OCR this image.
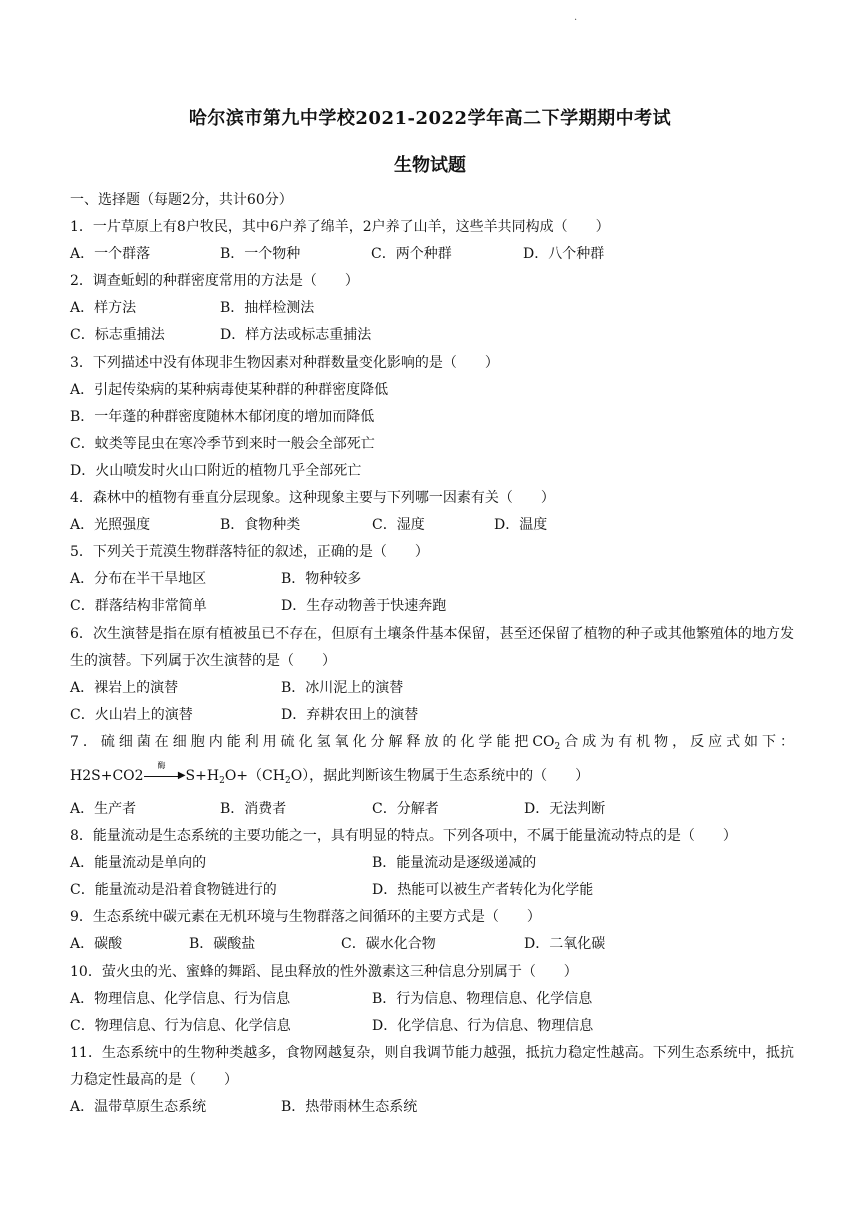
.
哈尔滨市第九中学校2021-2022学年高二下学期期中考试
生物试题
一、选择题（每题2分，共计60分）
1．一片草原上有8户牧民，其中6户养了绵羊，2户养了山羊，这些羊共同构成（　　）
A．一个群落	B．一个物种	C．两个种群	D．八个种群
2．调查蚯蚓的种群密度常用的方法是（　　）
A．样方法	B．抽样检测法
C．标志重捕法	D．样方法或标志重捕法
3．下列描述中没有体现非生物因素对种群数量变化影响的是（　　）
A．引起传染病的某种病毒使某种群的种群密度降低
B．一年蓬的种群密度随林木郁闭度的增加而降低
C．蚊类等昆虫在寒冷季节到来时一般会全部死亡
D．火山喷发时火山口附近的植物几乎全部死亡
4．森林中的植物有垂直分层现象。这种现象主要与下列哪一因素有关（　　）
A．光照强度	B．食物种类	C．湿度	D．温度
5．下列关于荒漠生物群落特征的叙述，正确的是（　　）
A．分布在半干旱地区	B．物种较多
C．群落结构非常简单	D．生存动物善于快速奔跑
6．次生演替是指在原有植被虽已不存在，但原有土壤条件基本保留，甚至还保留了植物的种子或其他繁殖体的地方发生的演替。下列属于次生演替的是（　　）
A．裸岩上的演替	B．冰川泥上的演替
C．火山岩上的演替	D．弃耕农田上的演替
7．硫细菌在细胞内能利用硫化氢氧化分解释放的化学能把$CO_2$合成为有机物，反应式如下：
H2S+CO2
酶
▶ $S+H_2O+(CH_2O)$，据此判断该生物属于生态系统中的（　　）
A．生产者	B．消费者	C．分解者	D．无法判断
8．能量流动是生态系统的主要功能之一，具有明显的特点。下列各项中，不属于能量流动特点的是（　　）
A．能量流动是单向的	B．能量流动是逐级递减的
C．能量流动是沿着食物链进行的	D．热能可以被生产者转化为化学能
9．生态系统中碳元素在无机环境与生物群落之间循环的主要方式是（　　）
A．碳酸	B．碳酸盐	C．碳水化合物	D．二氧化碳
10．萤火虫的光、蜜蜂的舞蹈、昆虫释放的性外激素这三种信息分别属于（　　）
A．物理信息、化学信息、行为信息	B．行为信息、物理信息、化学信息
C．物理信息、行为信息、化学信息	D．化学信息、行为信息、物理信息
11．生态系统中的生物种类越多，食物网越复杂，则自我调节能力越强，抵抗力稳定性越高。下列生态系统中，抵抗力稳定性最高的是（　　）
A．温带草原生态系统	B．热带雨林生态系统
